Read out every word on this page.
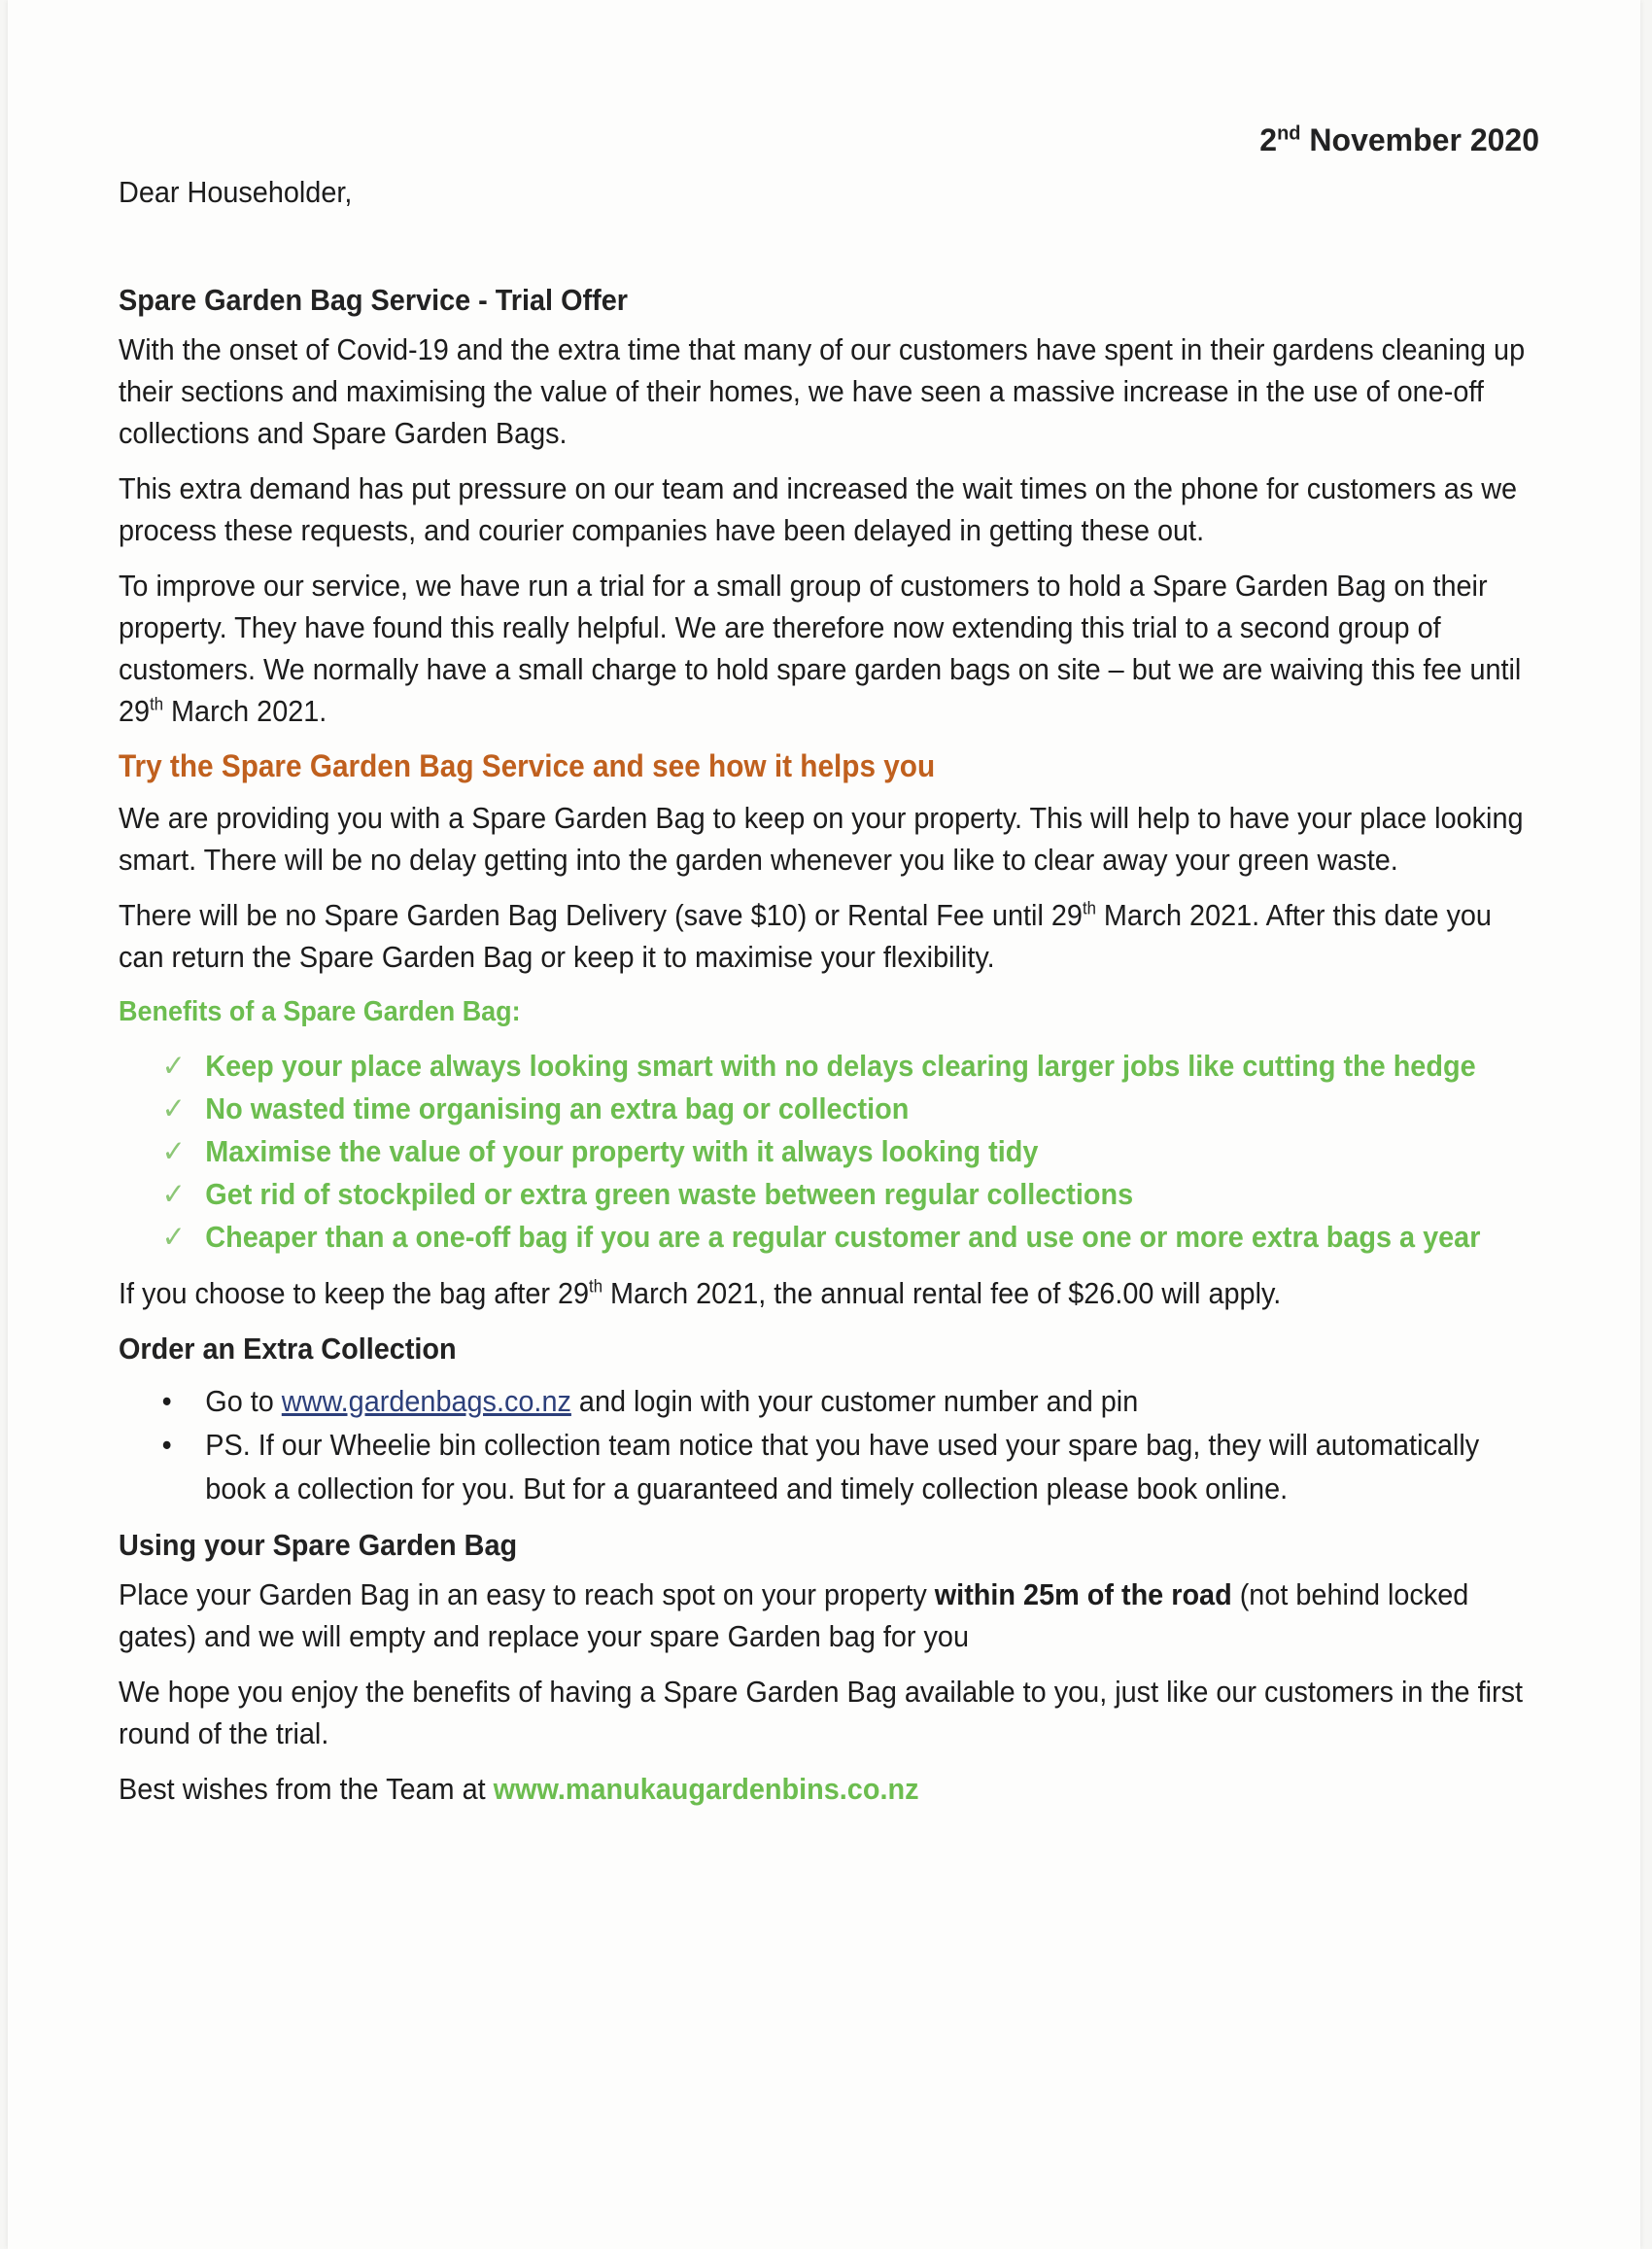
2nd November 2020
Dear Householder,
Spare Garden Bag Service - Trial Offer

With the onset of Covid-19 and the extra time that many of our customers have spent in their gardens cleaning up their sections and maximising the value of their homes, we have seen a massive increase in the use of one-off collections and Spare Garden Bags.

This extra demand has put pressure on our team and increased the wait times on the phone for customers as we process these requests, and courier companies have been delayed in getting these out.

To improve our service, we have run a trial for a small group of customers to hold a Spare Garden Bag on their property. They have found this really helpful. We are therefore now extending this trial to a second group of customers. We normally have a small charge to hold spare garden bags on site – but we are waiving this fee until 29th March 2021.

Try the Spare Garden Bag Service and see how it helps you

We are providing you with a Spare Garden Bag to keep on your property. This will help to have your place looking smart. There will be no delay getting into the garden whenever you like to clear away your green waste.

There will be no Spare Garden Bag Delivery (save $10) or Rental Fee until 29th March 2021. After this date you can return the Spare Garden Bag or keep it to maximise your flexibility.

Benefits of a Spare Garden Bag:
✓ Keep your place always looking smart with no delays clearing larger jobs like cutting the hedge
✓ No wasted time organising an extra bag or collection
✓ Maximise the value of your property with it always looking tidy
✓ Get rid of stockpiled or extra green waste between regular collections
✓ Cheaper than a one-off bag if you are a regular customer and use one or more extra bags a year

If you choose to keep the bag after 29th March 2021, the annual rental fee of $26.00 will apply.

Order an Extra Collection
• Go to www.gardenbags.co.nz and login with your customer number and pin
• PS. If our Wheelie bin collection team notice that you have used your spare bag, they will automatically book a collection for you. But for a guaranteed and timely collection please book online.
Using your Spare Garden Bag

Place your Garden Bag in an easy to reach spot on your property within 25m of the road (not behind locked gates) and we will empty and replace your spare Garden bag for you

We hope you enjoy the benefits of having a Spare Garden Bag available to you, just like our customers in the first round of the trial.

Best wishes from the Team at www.manukaugardenbins.co.nz
